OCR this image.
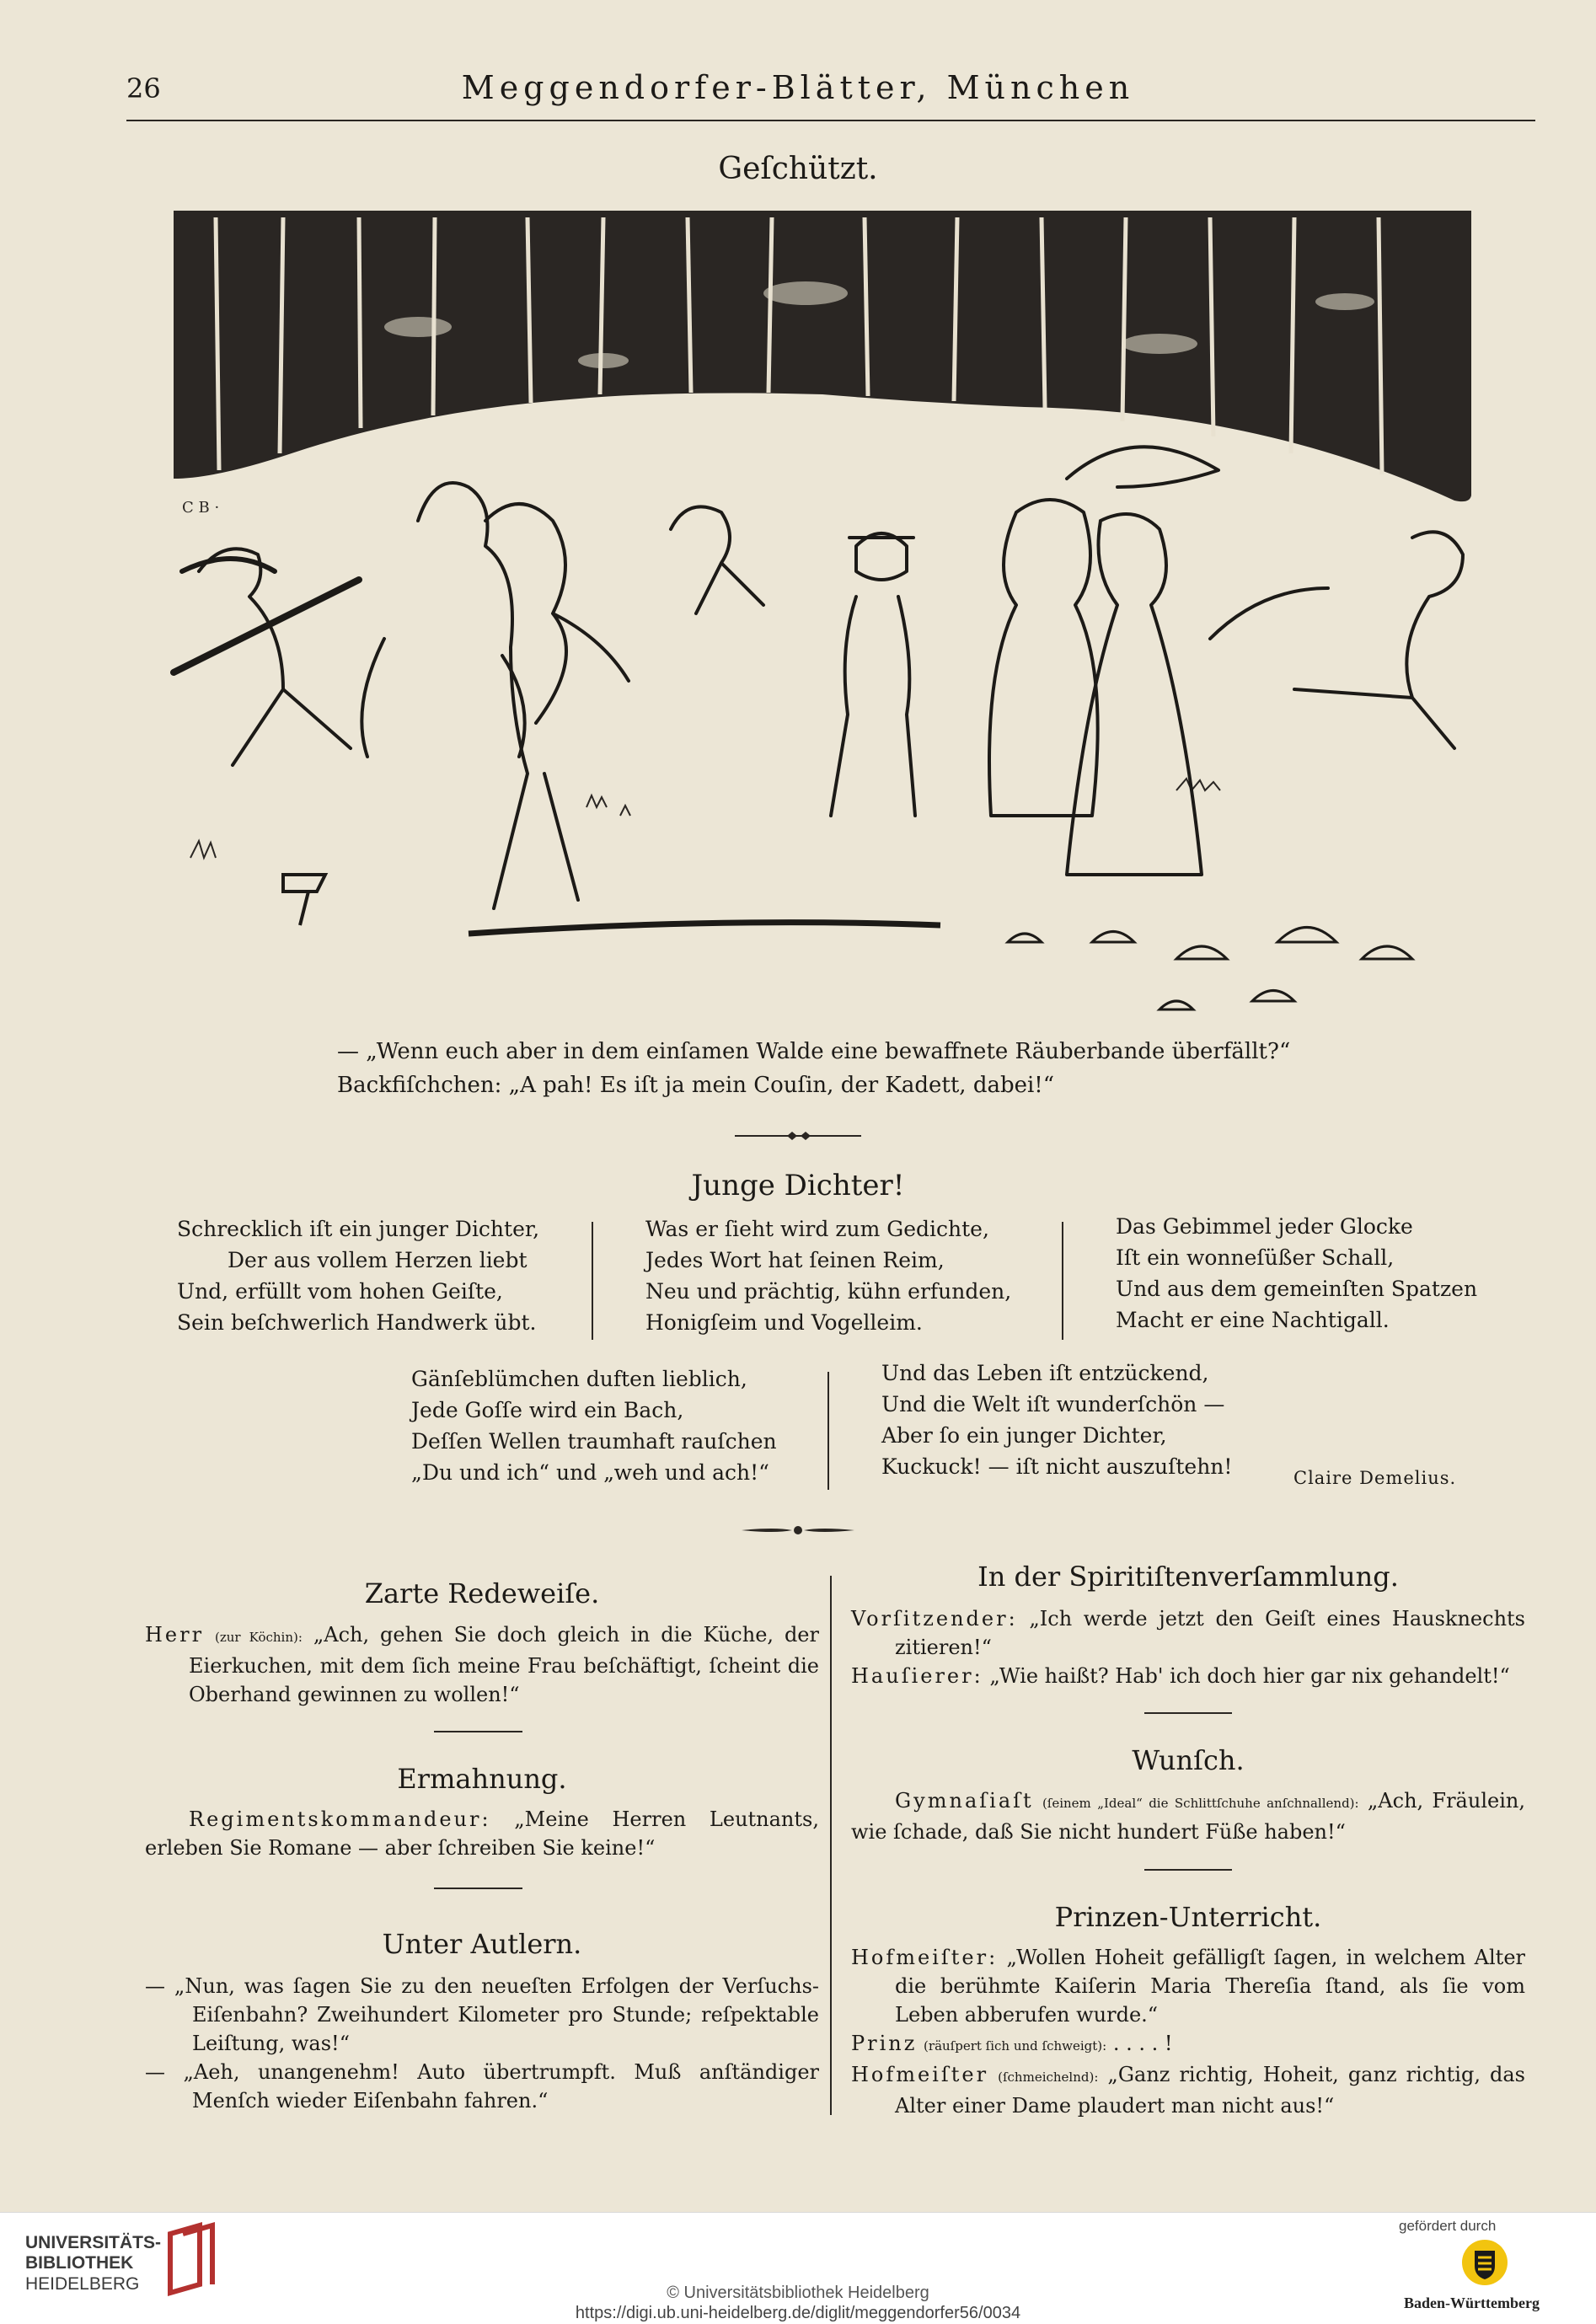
26	Meggendorfer-Blätter, München
Geſchützt.
C B ·
— „Wenn euch aber in dem einſamen Walde eine bewaffnete Räuberbande überfällt?“
Backfiſchchen: „A pah! Es iſt ja mein Couſin, der Kadett, dabei!“
Junge Dichter!
Schrecklich iſt ein junger Dichter,
Der aus vollem Herzen liebt
Und, erfüllt vom hohen Geiſte,
Sein beſchwerlich Handwerk übt.
Was er ſieht wird zum Gedichte,
Jedes Wort hat ſeinen Reim,
Neu und prächtig, kühn erfunden,
Honigſeim und Vogelleim.
Das Gebimmel jeder Glocke
Iſt ein wonneſüßer Schall,
Und aus dem gemeinſten Spatzen
Macht er eine Nachtigall.
Gänſeblümchen duften lieblich,
Jede Goſſe wird ein Bach,
Deſſen Wellen traumhaft rauſchen
„Du und ich“ und „weh und ach!“
Und das Leben iſt entzückend,
Und die Welt iſt wunderſchön —
Aber ſo ein junger Dichter,
Kuckuck! — iſt nicht auszuſtehn!	Claire Demelius.
Zarte Redeweiſe.

Herr (zur Köchin): „Ach, gehen Sie doch gleich in die Küche, der Eierkuchen, mit dem ſich meine Frau beſchäftigt, ſcheint die Oberhand gewinnen zu wollen!“

Ermahnung.

Regimentskommandeur: „Meine Herren Leutnants, erleben Sie Romane — aber ſchreiben Sie keine!“

Unter Autlern.

— „Nun, was ſagen Sie zu den neueſten Erfolgen der Verſuchs-Eiſenbahn? Zweihundert Kilometer pro Stunde; reſpektable Leiſtung, was!“

— „Aeh, unangenehm! Auto übertrumpft. Muß anſtändiger Menſch wieder Eiſenbahn fahren.“

In der Spiritiſtenverſammlung.

Vorſitzender: „Ich werde jetzt den Geiſt eines Hausknechts zitieren!“

Hauſierer: „Wie haißt? Hab' ich doch hier gar nix gehandelt!“

Wunſch.

Gymnaſiaſt (ſeinem „Ideal“ die Schlittſchuhe anſchnallend): „Ach, Fräulein, wie ſchade, daß Sie nicht hundert Füße haben!“

Prinzen-Unterricht.

Hofmeiſter: „Wollen Hoheit gefälligſt ſagen, in welchem Alter die berühmte Kaiſerin Maria Thereſia ſtand, als ſie vom Leben abberufen wurde.“

Prinz (räuſpert ſich und ſchweigt): . . . . !

Hofmeiſter (ſchmeichelnd): „Ganz richtig, Hoheit, ganz richtig, das Alter einer Dame plaudert man nicht aus!“

UNIVERSITÄTS-
BIBLIOTHEK
HEIDELBERG	© Universitätsbibliothek Heidelberg
https://digi.ub.uni-heidelberg.de/diglit/meggendorfer56/0034
gefördert durch
Baden-Württemberg
